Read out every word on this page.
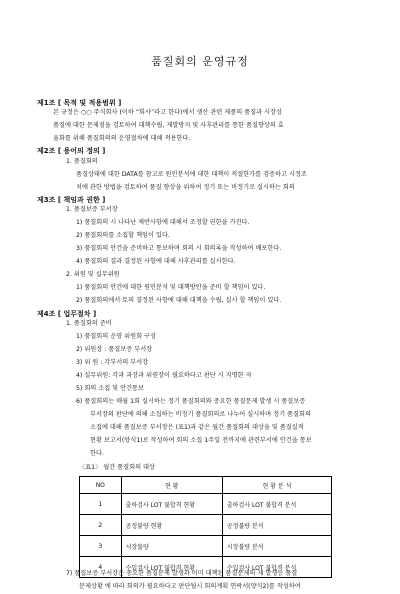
품질회의 운영규정
제1조 [ 목적 및 적용범위 ]
본 규정은 ○○ 주식회사 (이하 “회사”라고 한다)에서 생산 관련 제품의 품질과 시장성
품질에 대한 문제점을 검토하여 대책수립, 재발방지 및 사후관리를 통한 품질향상의 효
율화를 위해 품질회의의 운영절차에 대해 적용한다.
제2조 [ 용어의 정의 ]
1. 품질회의
품질상태에 대한 DATA를 참고로 원인분석에 대한 대책이 적절한가를 검증하고 시정조
치에 관한 방법을 검토하여 품질 향상을 위하여 정기 또는 비정기로 실시하는 회의
제3조 [ 책임과 권한 ]
1. 품질보증 부서장
1) 품질회의 시 나타난 제반사항에 대해서 조정할 권한을 가진다.
2) 품질회의를 소집할 책임이 있다.
3) 품질회의 안건을 준비하고 통보하며 회의 시 회의록을 작성하여 배포한다.
4) 품질회의 결과 결정된 사항에 대해 사후관리를 실시한다.
2. 위원 및 실무위원
1) 품질회의 안건에 대한 원인분석 및 대책방안을 준비 할 책임이 있다.
2) 품질회의에서 토의 결정된 사항에 대해 대책을 수립, 실시 할 책임이 있다.
제4조 [ 업무절차 ]
1. 품질회의 준비
1) 품질회의 운영 위원회 구성
2) 위원장 : 품질보증 부서장
3) 위 원 : 각부서의 부서장
4) 실무위원: 각과 과장과 위원장이 필요하다고 판단 시 지명한 자
5) 회의 소집 및 안건통보
6) 품질회의는 매월 1회 실시하는 정기 품질회의와 중요한 품질문제 발생 시 품질보증
부서장의 판단에 의해 소집하는 비정기 품질회의로 나누어 실시하며 정기 품질회의
소집에 대해 품질보증 부서장은 (표1)과 같은 월간 품질회의 대상을 및 품질실적
현황 보고서(양식1)로 작성하여 회의 소집 1주일 전까지에 관련부서에 안건을 통보
한다.
〈표1〉 월간 품질회의 대상
NO	현 황	현 황 분 석
1	출하검사 LOT 불합격 현황	출하검사 LOT 불합격 분석
2	공정불량 현황	공정불량 분석
3	시장불량	시장불량 분석
4	수입검사 LOT 불합격 현황	수입검사 LOT 불합격 분석
7) 품질보증 부서장은 중요한 품질문제 발생과 이미 대책된 품질문제의 재 발생등 품질
문제상황 에 따라 회의가 필요하다고 판단될시 회의계획 연락서(양식2)를 작성하여
